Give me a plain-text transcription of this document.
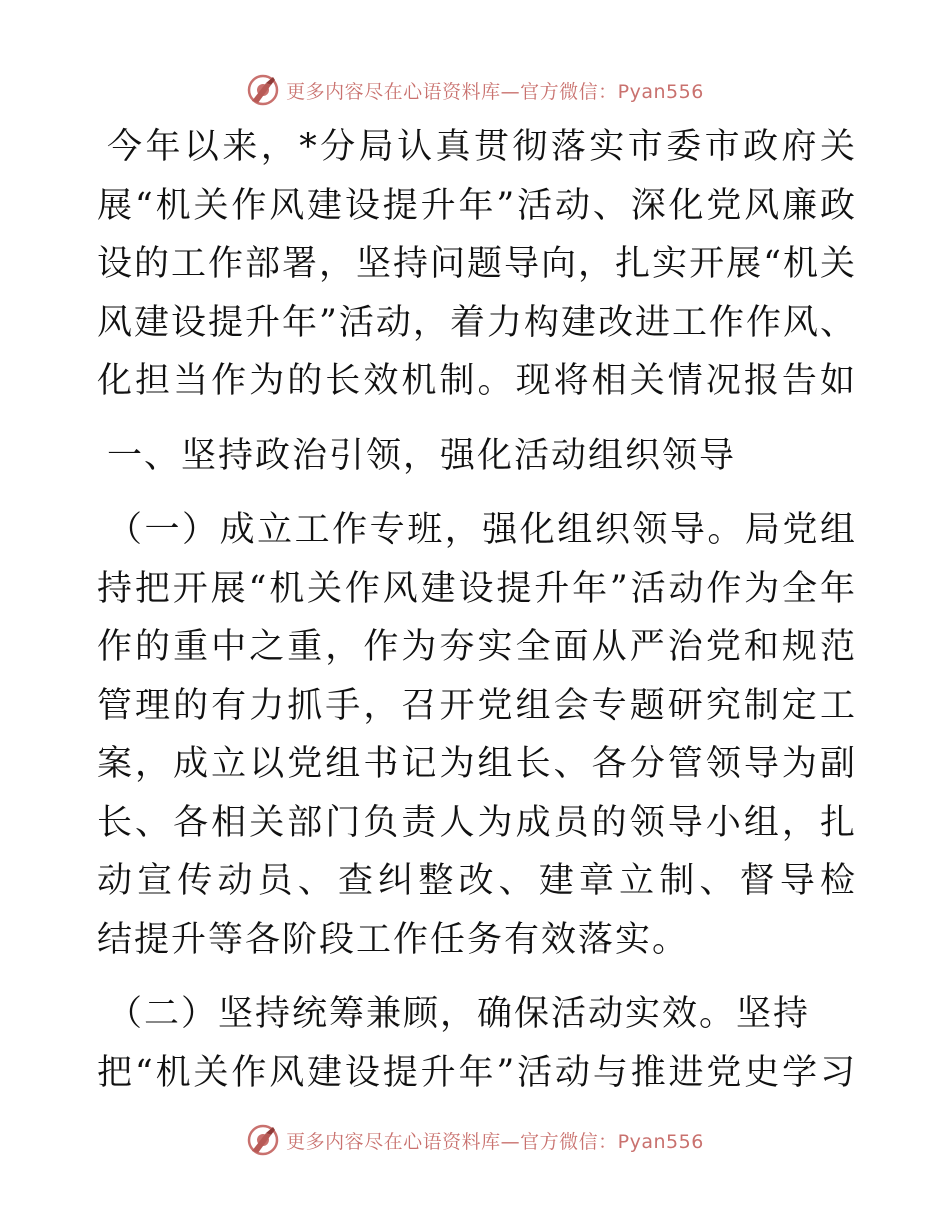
更多内容尽在心语资料库—官方微信：Pyan556
今年以来，*分局认真贯彻落实市委市政府关
展“机关作风建设提升年”活动、深化党风廉政
设的工作部署，坚持问题导向，扎实开展“机关
风建设提升年”活动，着力构建改进工作作风、
化担当作为的长效机制。现将相关情况报告如
一、坚持政治引领，强化活动组织领导
（一）成立工作专班，强化组织领导。局党组
持把开展“机关作风建设提升年”活动作为全年
作的重中之重，作为夯实全面从严治党和规范
管理的有力抓手，召开党组会专题研究制定工
案，成立以党组书记为组长、各分管领导为副
长、各相关部门负责人为成员的领导小组，扎
动宣传动员、查纠整改、建章立制、督导检
结提升等各阶段工作任务有效落实。
（二）坚持统筹兼顾，确保活动实效。坚持
把“机关作风建设提升年”活动与推进党史学习
更多内容尽在心语资料库—官方微信：Pyan556
